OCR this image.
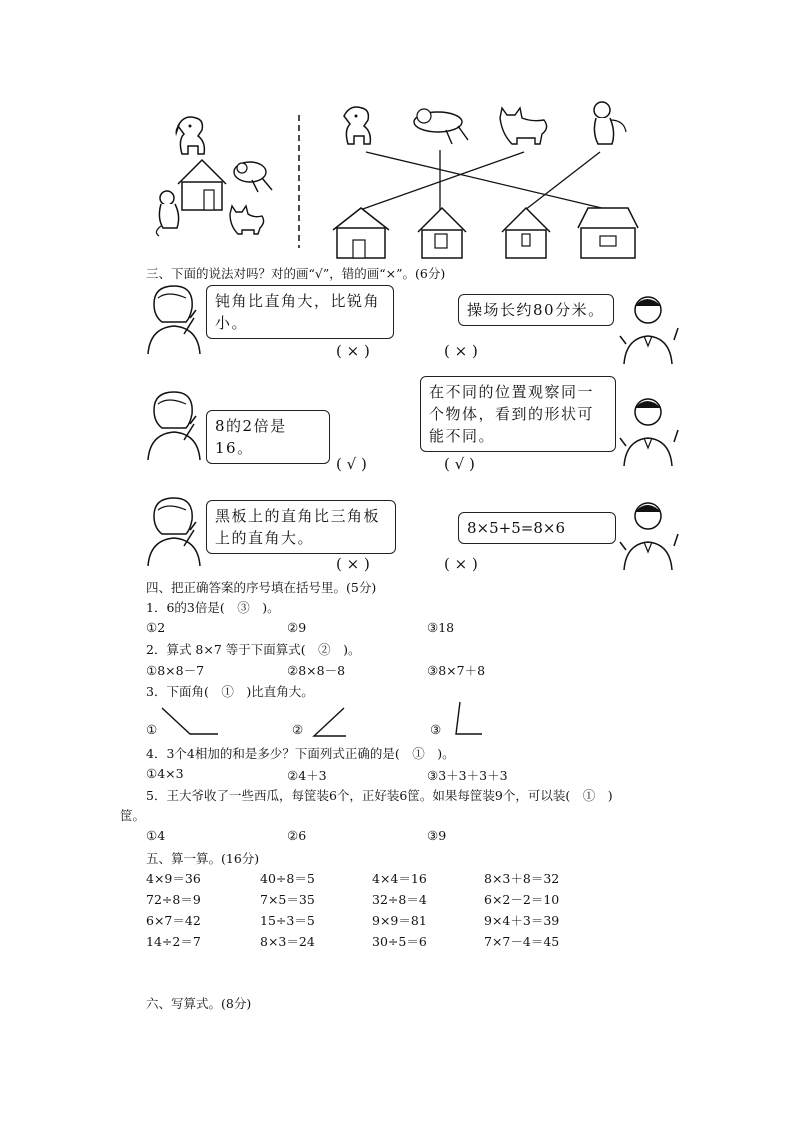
三、下面的说法对吗？对的画“√”，错的画“×”。(6分)
钝角比直角大，比锐角小。
操场长约80分米。
8的2倍是16。
在不同的位置观察同一个物体，看到的形状可能不同。
黑板上的直角比三角板上的直角大。
8×5+5=8×6
( × )	( × )
( √ )	( √ )
( × )	( × )
四、把正确答案的序号填在括号里。(5分)
1．6的3倍是(　③　)。
①2	②9	③18
2．算式 8×7 等于下面算式(　②　)。
①8×8－7	②8×8－8	③8×7＋8
3．下面角(　①　)比直角大。
①	②	③
4．3个4相加的和是多少？下面列式正确的是(　①　)。
①4×3	②4＋3	③3＋3＋3＋3
5．王大爷收了一些西瓜，每筐装6个，正好装6筐。如果每筐装9个，可以装(　①　)
筐。
①4	②6	③9
五、算一算。(16分)
4×9＝36	40÷8＝5	4×4＝16	8×3＋8＝32
72÷8＝9	7×5＝35	32÷8＝4	6×2－2＝10
6×7＝42	15÷3＝5	9×9＝81	9×4＋3＝39
14÷2＝7	8×3＝24	30÷5＝6	7×7－4＝45
六、写算式。(8分)
